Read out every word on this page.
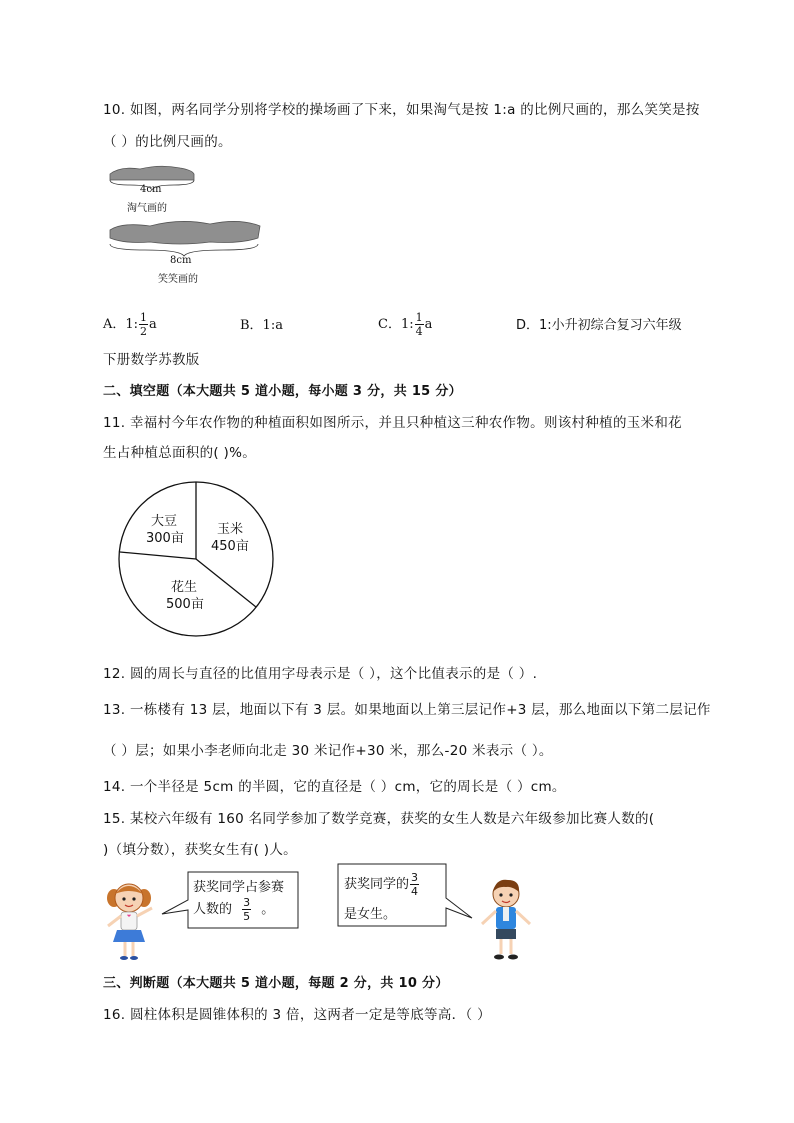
10. 如图，两名同学分别将学校的操场画了下来，如果淘气是按 1:a 的比例尺画的，那么笑笑是按
（ ）的比例尺画的。
4cm
淘气画的
8cm
笑笑画的
A．1: $\frac{1}{2}$ a	B．1:a	C．1: $\frac{1}{4}$ a	D．1:小升初综合复习六年级
下册数学苏教版
二、填空题（本大题共 5 道小题，每小题 3 分，共 15 分）
11. 幸福村今年农作物的种植面积如图所示，并且只种植这三种农作物。则该村种植的玉米和花
生占种植总面积的( )%。
大豆
300亩
玉米
450亩
花生
500亩
12. 圆的周长与直径的比值用字母表示是（ ），这个比值表示的是（ ）.
13. 一栋楼有 13 层，地面以下有 3 层。如果地面以上第三层记作+3 层，那么地面以下第二层记作
（ ）层；如果小李老师向北走 30 米记作+30 米，那么-20 米表示（ ）。
14. 一个半径是 5cm 的半圆，它的直径是（ ）cm，它的周长是（ ）cm。
15. 某校六年级有 160 名同学参加了数学竞赛，获奖的女生人数是六年级参加比赛人数的(
)（填分数），获奖女生有( )人。
获奖同学占参赛
人数的 $\frac{3}{5}$ 。
获奖同学的 $\frac{3}{4}$
是女生。
三、判断题（本大题共 5 道小题，每题 2 分，共 10 分）
16. 圆柱体积是圆锥体积的 3 倍，这两者一定是等底等高．（ ）
